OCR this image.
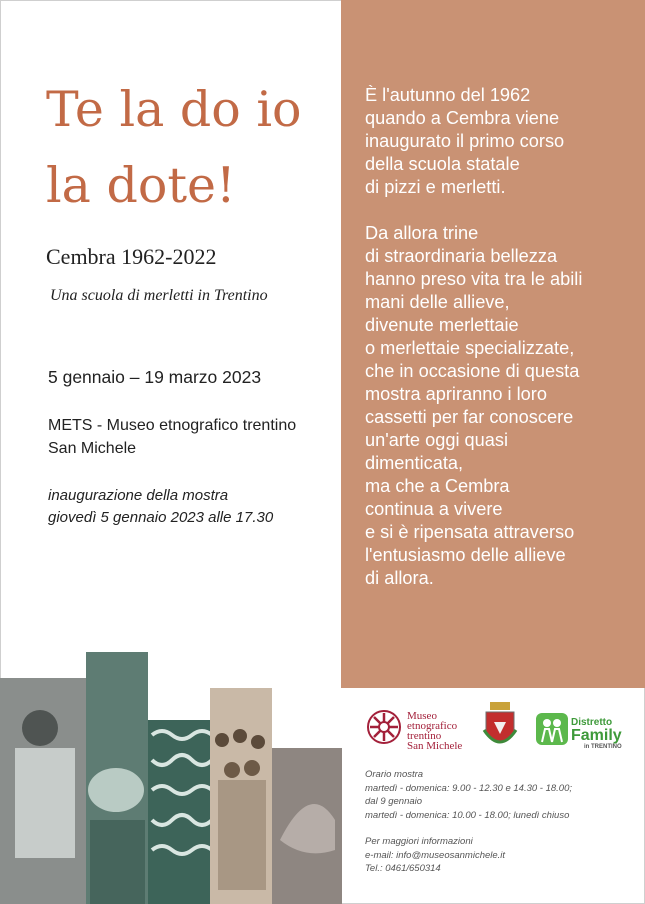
È l'autunno del 1962
quando a Cembra viene
inaugurato il primo corso
della scuola statale
di pizzi e merletti.

Da allora trine
di straordinaria bellezza
hanno preso vita tra le abili
mani delle allieve,
divenute merlettaie
o merlettaie specializzate,
che in occasione di questa
mostra apriranno i loro
cassetti per far conoscere
un'arte oggi quasi
dimenticata,
ma che a Cembra
continua a vivere
e si è ripensata attraverso
l'entusiasmo delle allieve
di allora.
Te la do io
la dote!
Cembra 1962-2022
Una scuola di merletti in Trentino
5 gennaio – 19 marzo 2023
METS - Museo etnografico trentino
San Michele
inaugurazione della mostra
giovedì 5 gennaio 2023 alle 17.30
Museo
etnografico
trentino
San Michele
Distretto
Family
in TRENTINO
Orario mostra
martedì - domenica: 9.00 - 12.30 e 14.30 - 18.00;
dal 9 gennaio
martedì - domenica: 10.00 - 18.00; lunedì chiuso
Per maggiori informazioni
e-mail: info@museosanmichele.it
Tel.: 0461/650314
